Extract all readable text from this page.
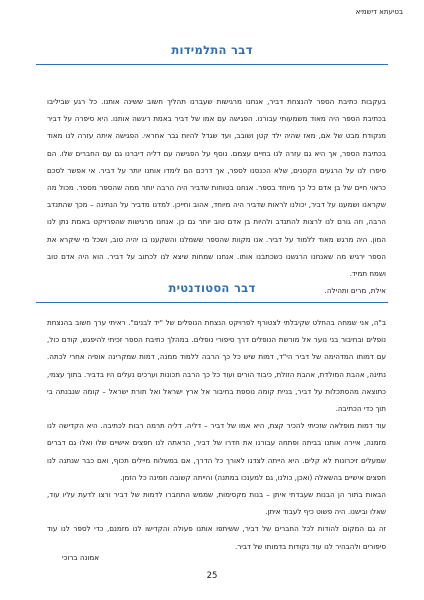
בטיעתא דישמיא
דבר התלמידות

בעקבות כתיבת הספר להנצחת דביר, אנחנו מרגישות שעברנו תהליך חשוב ששינה אותנו. כל רגע שביליבו בכתיבת הספר היה מאוד משמעותי עבורנו. הפגישה עם אמו של דביר באמת ריגשה אותנו. היא סיפרה על דביר מנקודת מבט של אם, מאז שהיה ילד קטן ושובב, ועד שגדל להיות גבר אחראי. הפגישה איתה עזרה לנו מאוד בכתיבת הספר, אך היא גם עזרה לנו בחיים עצמם. נוסף על הפגישה עם דליה דיברנו גם עם החברים שלו. הם סיפרו לנו על הרגעים הקטנים, שלא הכנסנו לספר, אך דרכם הם לימדו אותנו יותר על דביר. אי אפשר לסכם כראוי חיים של בן אדם כל כך מיוחד בספר. אנחנו בטוחות שדביר היה הרבה יותר ממה שהספר מספר. מכול מה שקראנו ושמענו על דביר, יכולנו לראות שדביר היה מיוחד, אהוב וחייכן. למדנו מדביר על הנתינה – מכך שהתנדב הרבה, וזה גורם לנו לרצות להתנדב ולהיות בן אדם טוב יותר גם כן. אנחנו מרגישות שהפרויקט באמת נתן לנו המון. היה מרגש מאוד ללמוד על דביר. אנו מקוות שהספר ששמלנו והשקענו בו יהיה טוב, ושכל מי שיקרא את הספר ירגיש מה שאנחנו הרגשנו כשכתבנו אותו. אנחנו שמחות שיצא לנו לכתוב על דביר. הוא היה אדם טוב ושמח תמיד.

אילת, מרים ותהילה.

דבר הסטודנטית

ב"ה, אני שמחה בהחלט שקיבלתי לצטורף לפרויקט הנצחת הנופלים של "יד לבנים". ראיתי ערך חשוב בהנצחת נופלים ובחיבור בני נוער אל מורשת הנופלים דרך סיפורי נופלים. במהלך כתיבת הספר זכיתי להיפגש, קודם כול, עם דמותו המדהימה של דביר הי"ד, דמות שיש כל כך הרבה ללמוד ממנה, דמות שמקרינה אופיה אחרי לכתה. נתינה, אהבת המולדת, אהבת הזולת, כיבוד הורים ועוד כל כך הרבה תכונות וערכים נעלים היו בדביר. בתוך עצמי, כתוצאה מהסתכלות על דביר, בניית קומה נוספת בחיבור אל ארץ ישראל ואל תורת ישראל – קומה שנבנתה בי תוך כדי הכתיבה.

עוד דמות מופלאה שזכיתי להכיר קצת, היא אמו של דביר – דליה. דליה תרמה רבות לכתיבה. היא הקדישה לנו מזמנה, איירה אותנו בביתה ופתחה עבורנו את חדרו של דביר, הראתה לנו חפצים אישיים שלו ואלו גם דברים שמעלים זיכרונות לא קלים. היא הייתה לצדנו לאורך כל הדרך, אם במשלוח מיילים תכוף, ואם כבר שנתנה לנו חפצים אישיים בהשאלה (ואכן, כולנו, גם למענכו במתנה) והייתה קשובה וזמינה כל הזמן.

הבאות בתור הן הבנות שעבדתי איתן – בנות מקסימות, שממש התחברו לדמות של דביר ורצו לדעת עליו עוד, שאלו ובישנו. היה פשוט כיף לעבוד איתן.

זה גם המקום להודות לכל החברים של דביר, ששיתפו אותנו פעולה והקדישו לנו מזמנם, כדי לספר לנו עוד סיפורים ולהבהיר לנו עוד נקודות בדמותו של דביר.

אמונה ברוכי
25
